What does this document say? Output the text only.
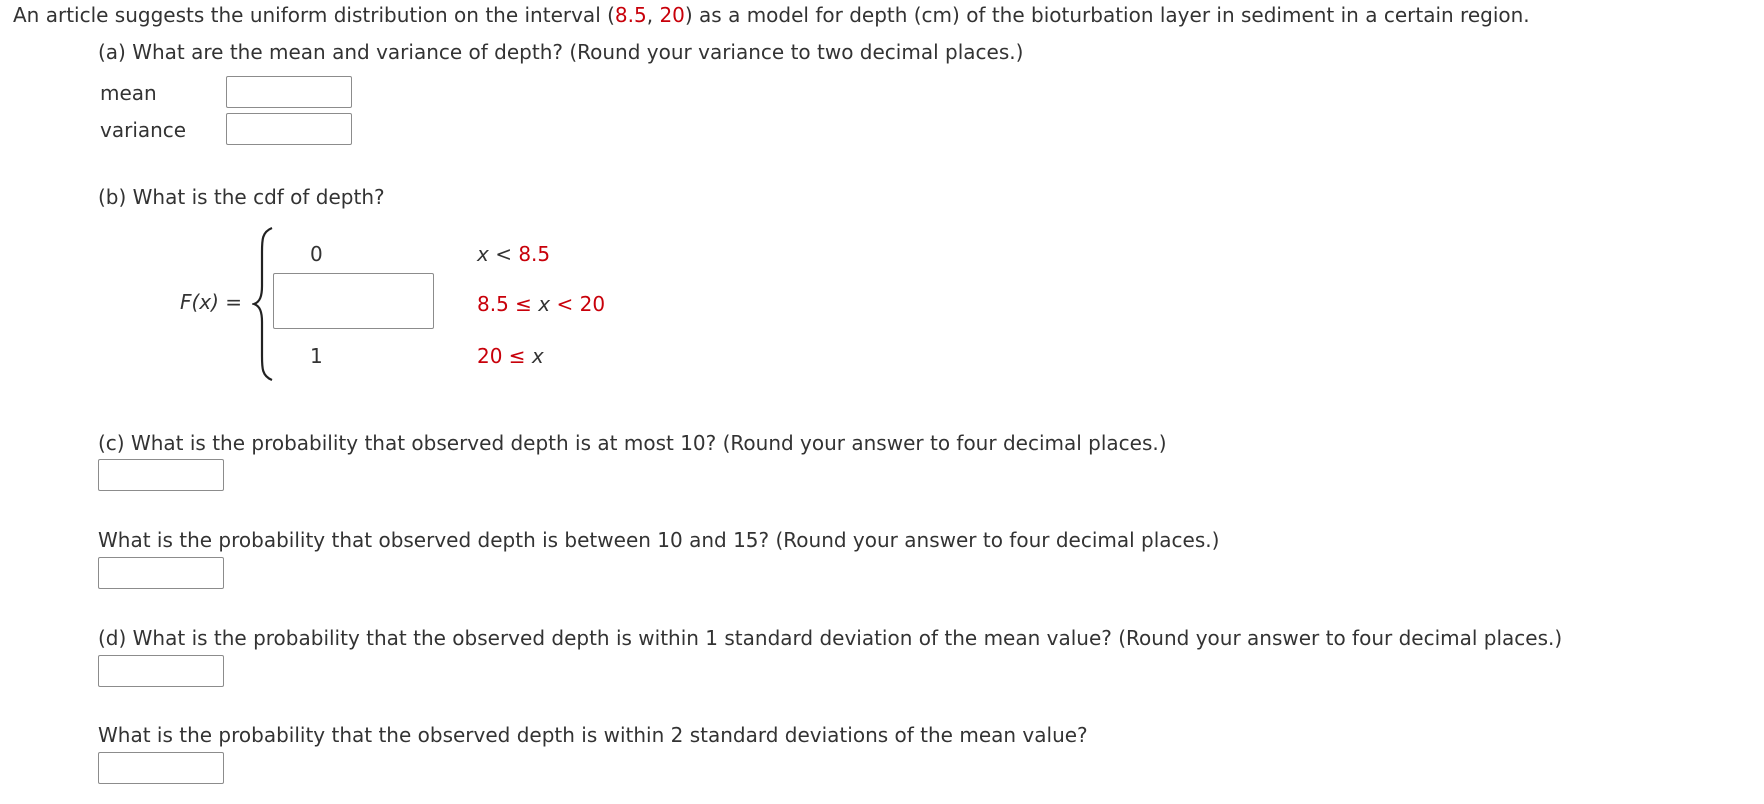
An article suggests the uniform distribution on the interval (8.5, 20) as a model for depth (cm) of the bioturbation layer in sediment in a certain region.
(a) What are the mean and variance of depth? (Round your variance to two decimal places.)
mean
variance
(b) What is the cdf of depth?
F(x) =
0	x < 8.5
8.5 ≤ x < 20
1	20 ≤ x
(c) What is the probability that observed depth is at most 10? (Round your answer to four decimal places.)
What is the probability that observed depth is between 10 and 15? (Round your answer to four decimal places.)
(d) What is the probability that the observed depth is within 1 standard deviation of the mean value? (Round your answer to four decimal places.)
What is the probability that the observed depth is within 2 standard deviations of the mean value?
